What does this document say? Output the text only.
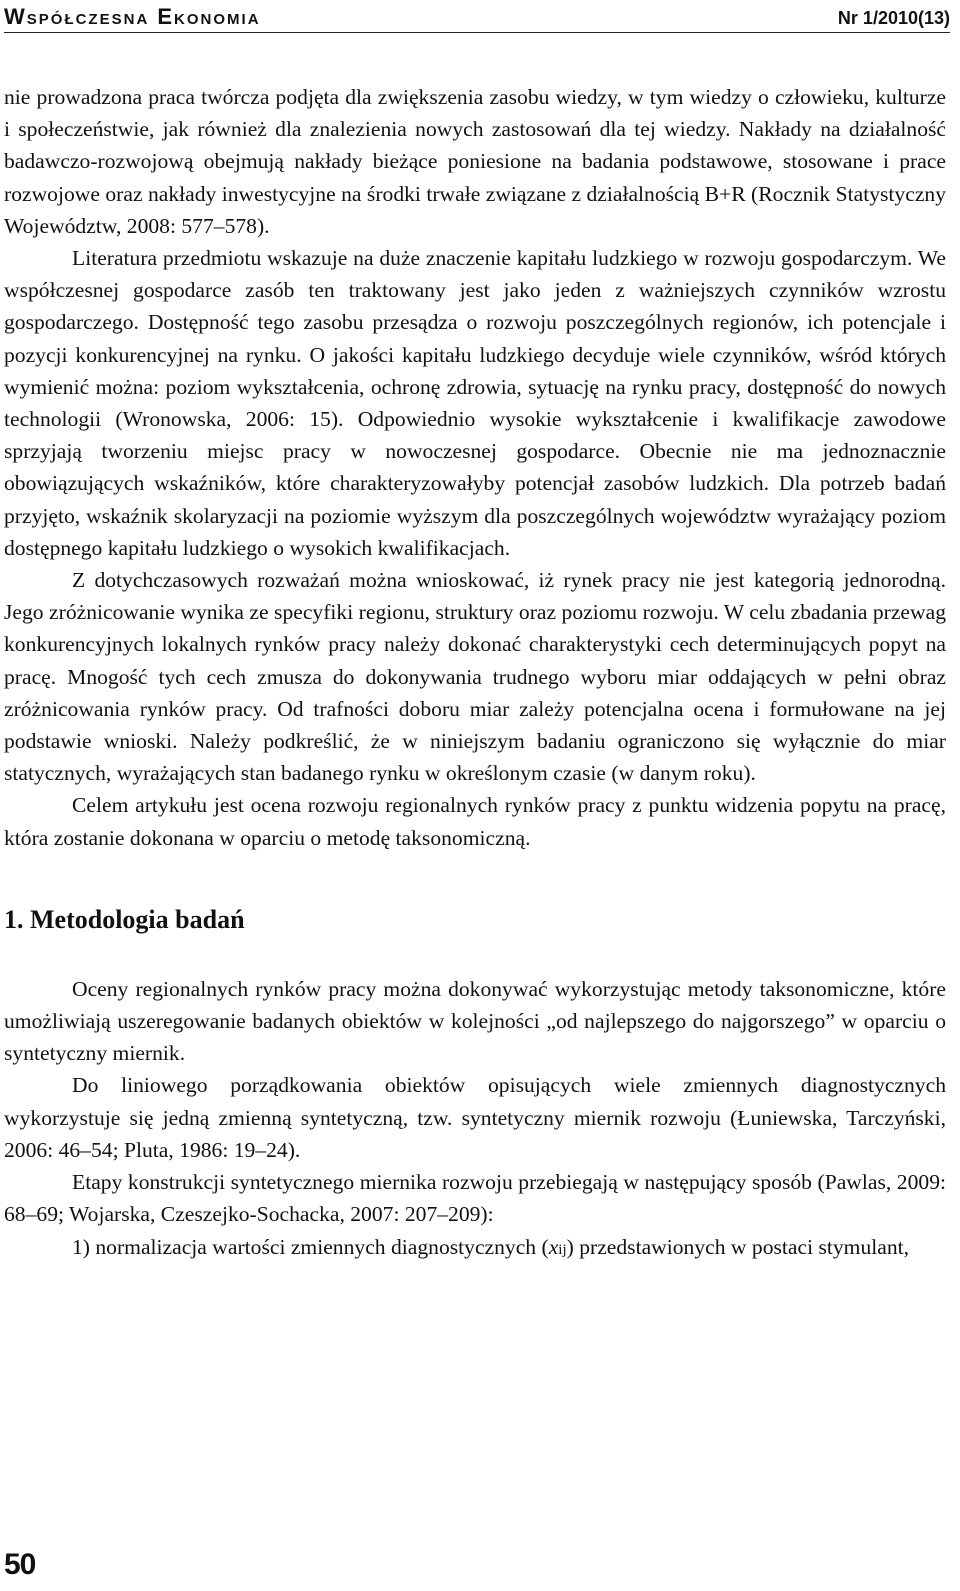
Współczesna Ekonomia	Nr 1/2010(13)

nie prowadzona praca twórcza podjęta dla zwiększenia zasobu wiedzy, w tym wiedzy o człowieku, kulturze i społeczeństwie, jak również dla znalezienia nowych zastosowań dla tej wiedzy. Nakłady na działalność badawczo-rozwojową obejmują nakłady bieżące poniesione na badania podstawowe, stosowane i prace rozwojowe oraz nakłady inwestycyjne na środki trwałe związane z działalnością B+R (Rocznik Statystyczny Województw, 2008: 577–578).

Literatura przedmiotu wskazuje na duże znaczenie kapitału ludzkiego w rozwoju gospodarczym. We współczesnej gospodarce zasób ten traktowany jest jako jeden z ważniejszych czynników wzrostu gospodarczego. Dostępność tego zasobu przesądza o rozwoju poszczególnych regionów, ich potencjale i pozycji konkurencyjnej na rynku. O jakości kapitału ludzkiego decyduje wiele czynników, wśród których wymienić można: poziom wykształcenia, ochronę zdrowia, sytuację na rynku pracy, dostępność do nowych technologii (Wronowska, 2006: 15). Odpowiednio wysokie wykształcenie i kwalifikacje zawodowe sprzyjają tworzeniu miejsc pracy w nowoczesnej gospodarce. Obecnie nie ma jednoznacznie obowiązujących wskaźników, które charakteryzowałyby potencjał zasobów ludzkich. Dla potrzeb badań przyjęto, wskaźnik skolaryzacji na poziomie wyższym dla poszczególnych województw wyrażający poziom dostępnego kapitału ludzkiego o wysokich kwalifikacjach.

Z dotychczasowych rozważań można wnioskować, iż rynek pracy nie jest kategorią jednorodną. Jego zróżnicowanie wynika ze specyfiki regionu, struktury oraz poziomu rozwoju. W celu zbadania przewag konkurencyjnych lokalnych rynków pracy należy dokonać charakterystyki cech determinujących popyt na pracę. Mnogość tych cech zmusza do dokonywania trudnego wyboru miar oddających w pełni obraz zróżnicowania rynków pracy. Od trafności doboru miar zależy potencjalna ocena i formułowane na jej podstawie wnioski. Należy podkreślić, że w niniejszym badaniu ograniczono się wyłącznie do miar statycznych, wyrażających stan badanego rynku w określonym czasie (w danym roku).

Celem artykułu jest ocena rozwoju regionalnych rynków pracy z punktu widzenia popytu na pracę, która zostanie dokonana w oparciu o metodę taksonomiczną.

1. Metodologia badań

Oceny regionalnych rynków pracy można dokonywać wykorzystując metody taksonomiczne, które umożliwiają uszeregowanie badanych obiektów w kolejności „od najlepszego do najgorszego” w oparciu o syntetyczny miernik.

Do liniowego porządkowania obiektów opisujących wiele zmiennych diagnostycznych wykorzystuje się jedną zmienną syntetyczną, tzw. syntetyczny miernik rozwoju (Łuniewska, Tarczyński, 2006: 46–54; Pluta, 1986: 19–24).

Etapy konstrukcji syntetycznego miernika rozwoju przebiegają w następujący sposób (Pawlas, 2009: 68–69; Wojarska, Czeszejko-Sochacka, 2007: 207–209):

1) normalizacja wartości zmiennych diagnostycznych (xij) przedstawionych w postaci stymulant,

50
